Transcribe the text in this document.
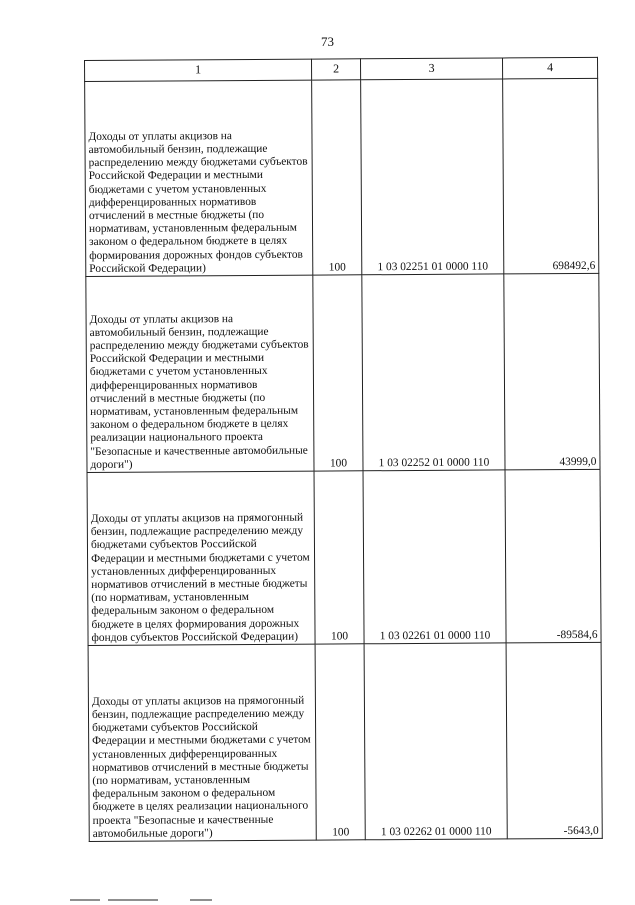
73
1	2	3	4
Доходы от уплаты акцизов на автомобильный бензин, подлежащие распределению между бюджетами субъектов Российской Федерации и местными бюджетами с учетом установленных дифференцированных нормативов отчислений в местные бюджеты (по нормативам, установленным федеральным законом о федеральном бюджете в целях формирования дорожных фондов субъектов Российской Федерации)	100	1 03 02251 01 0000 110	698492,6
Доходы от уплаты акцизов на автомобильный бензин, подлежащие распределению между бюджетами субъектов Российской Федерации и местными бюджетами с учетом установленных дифференцированных нормативов отчислений в местные бюджеты (по нормативам, установленным федеральным законом о федеральном бюджете в целях реализации национального проекта "Безопасные и качественные автомобильные дороги")	100	1 03 02252 01 0000 110	43999,0
Доходы от уплаты акцизов на прямогонный бензин, подлежащие распределению между бюджетами субъектов Российской Федерации и местными бюджетами с учетом установленных дифференцированных нормативов отчислений в местные бюджеты (по нормативам, установленным федеральным законом о федеральном бюджете в целях формирования дорожных фондов субъектов Российской Федерации)	100	1 03 02261 01 0000 110	-89584,6
Доходы от уплаты акцизов на прямогонный бензин, подлежащие распределению между бюджетами субъектов Российской Федерации и местными бюджетами с учетом установленных дифференцированных нормативов отчислений в местные бюджеты (по нормативам, установленным федеральным законом о федеральном бюджете в целях реализации национального проекта "Безопасные и качественные автомобильные дороги")	100	1 03 02262 01 0000 110	-5643,0
